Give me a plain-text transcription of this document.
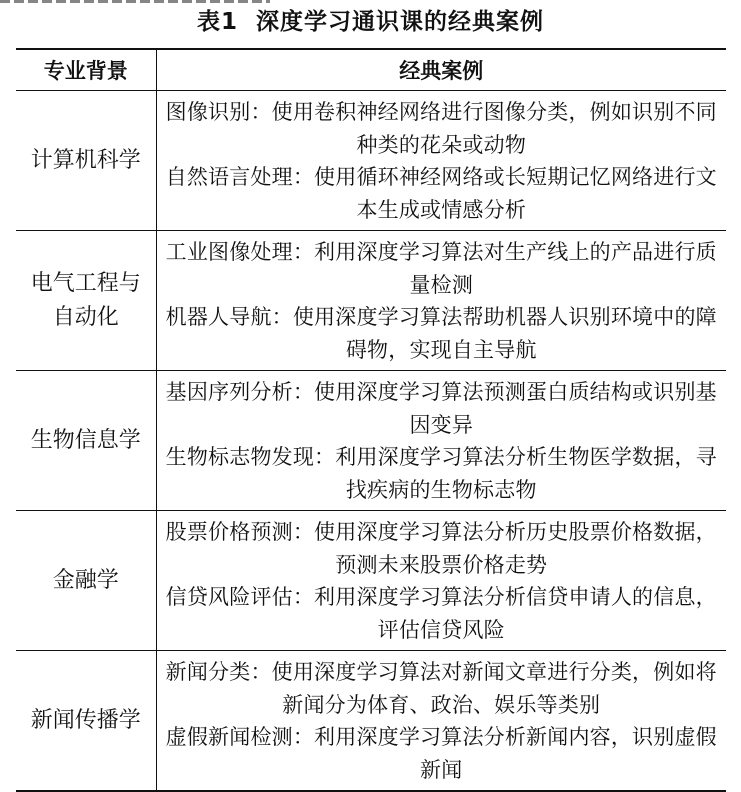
表1 深度学习通识课的经典案例
专业背景	经典案例
计算机科学	图像识别：使用卷积神经网络进行图像分类，例如识别不同种类的花朵或动物
自然语言处理：使用循环神经网络或长短期记忆网络进行文本生成或情感分析

电气工程与自动化	工业图像处理：利用深度学习算法对生产线上的产品进行质量检测
机器人导航：使用深度学习算法帮助机器人识别环境中的障碍物，实现自主导航

生物信息学	基因序列分析：使用深度学习算法预测蛋白质结构或识别基因变异
生物标志物发现：利用深度学习算法分析生物医学数据，寻找疾病的生物标志物

金融学	股票价格预测：使用深度学习算法分析历史股票价格数据，预测未来股票价格走势
信贷风险评估：利用深度学习算法分析信贷申请人的信息，评估信贷风险

新闻传播学	新闻分类：使用深度学习算法对新闻文章进行分类，例如将新闻分为体育、政治、娱乐等类别
虚假新闻检测：利用深度学习算法分析新闻内容，识别虚假新闻
